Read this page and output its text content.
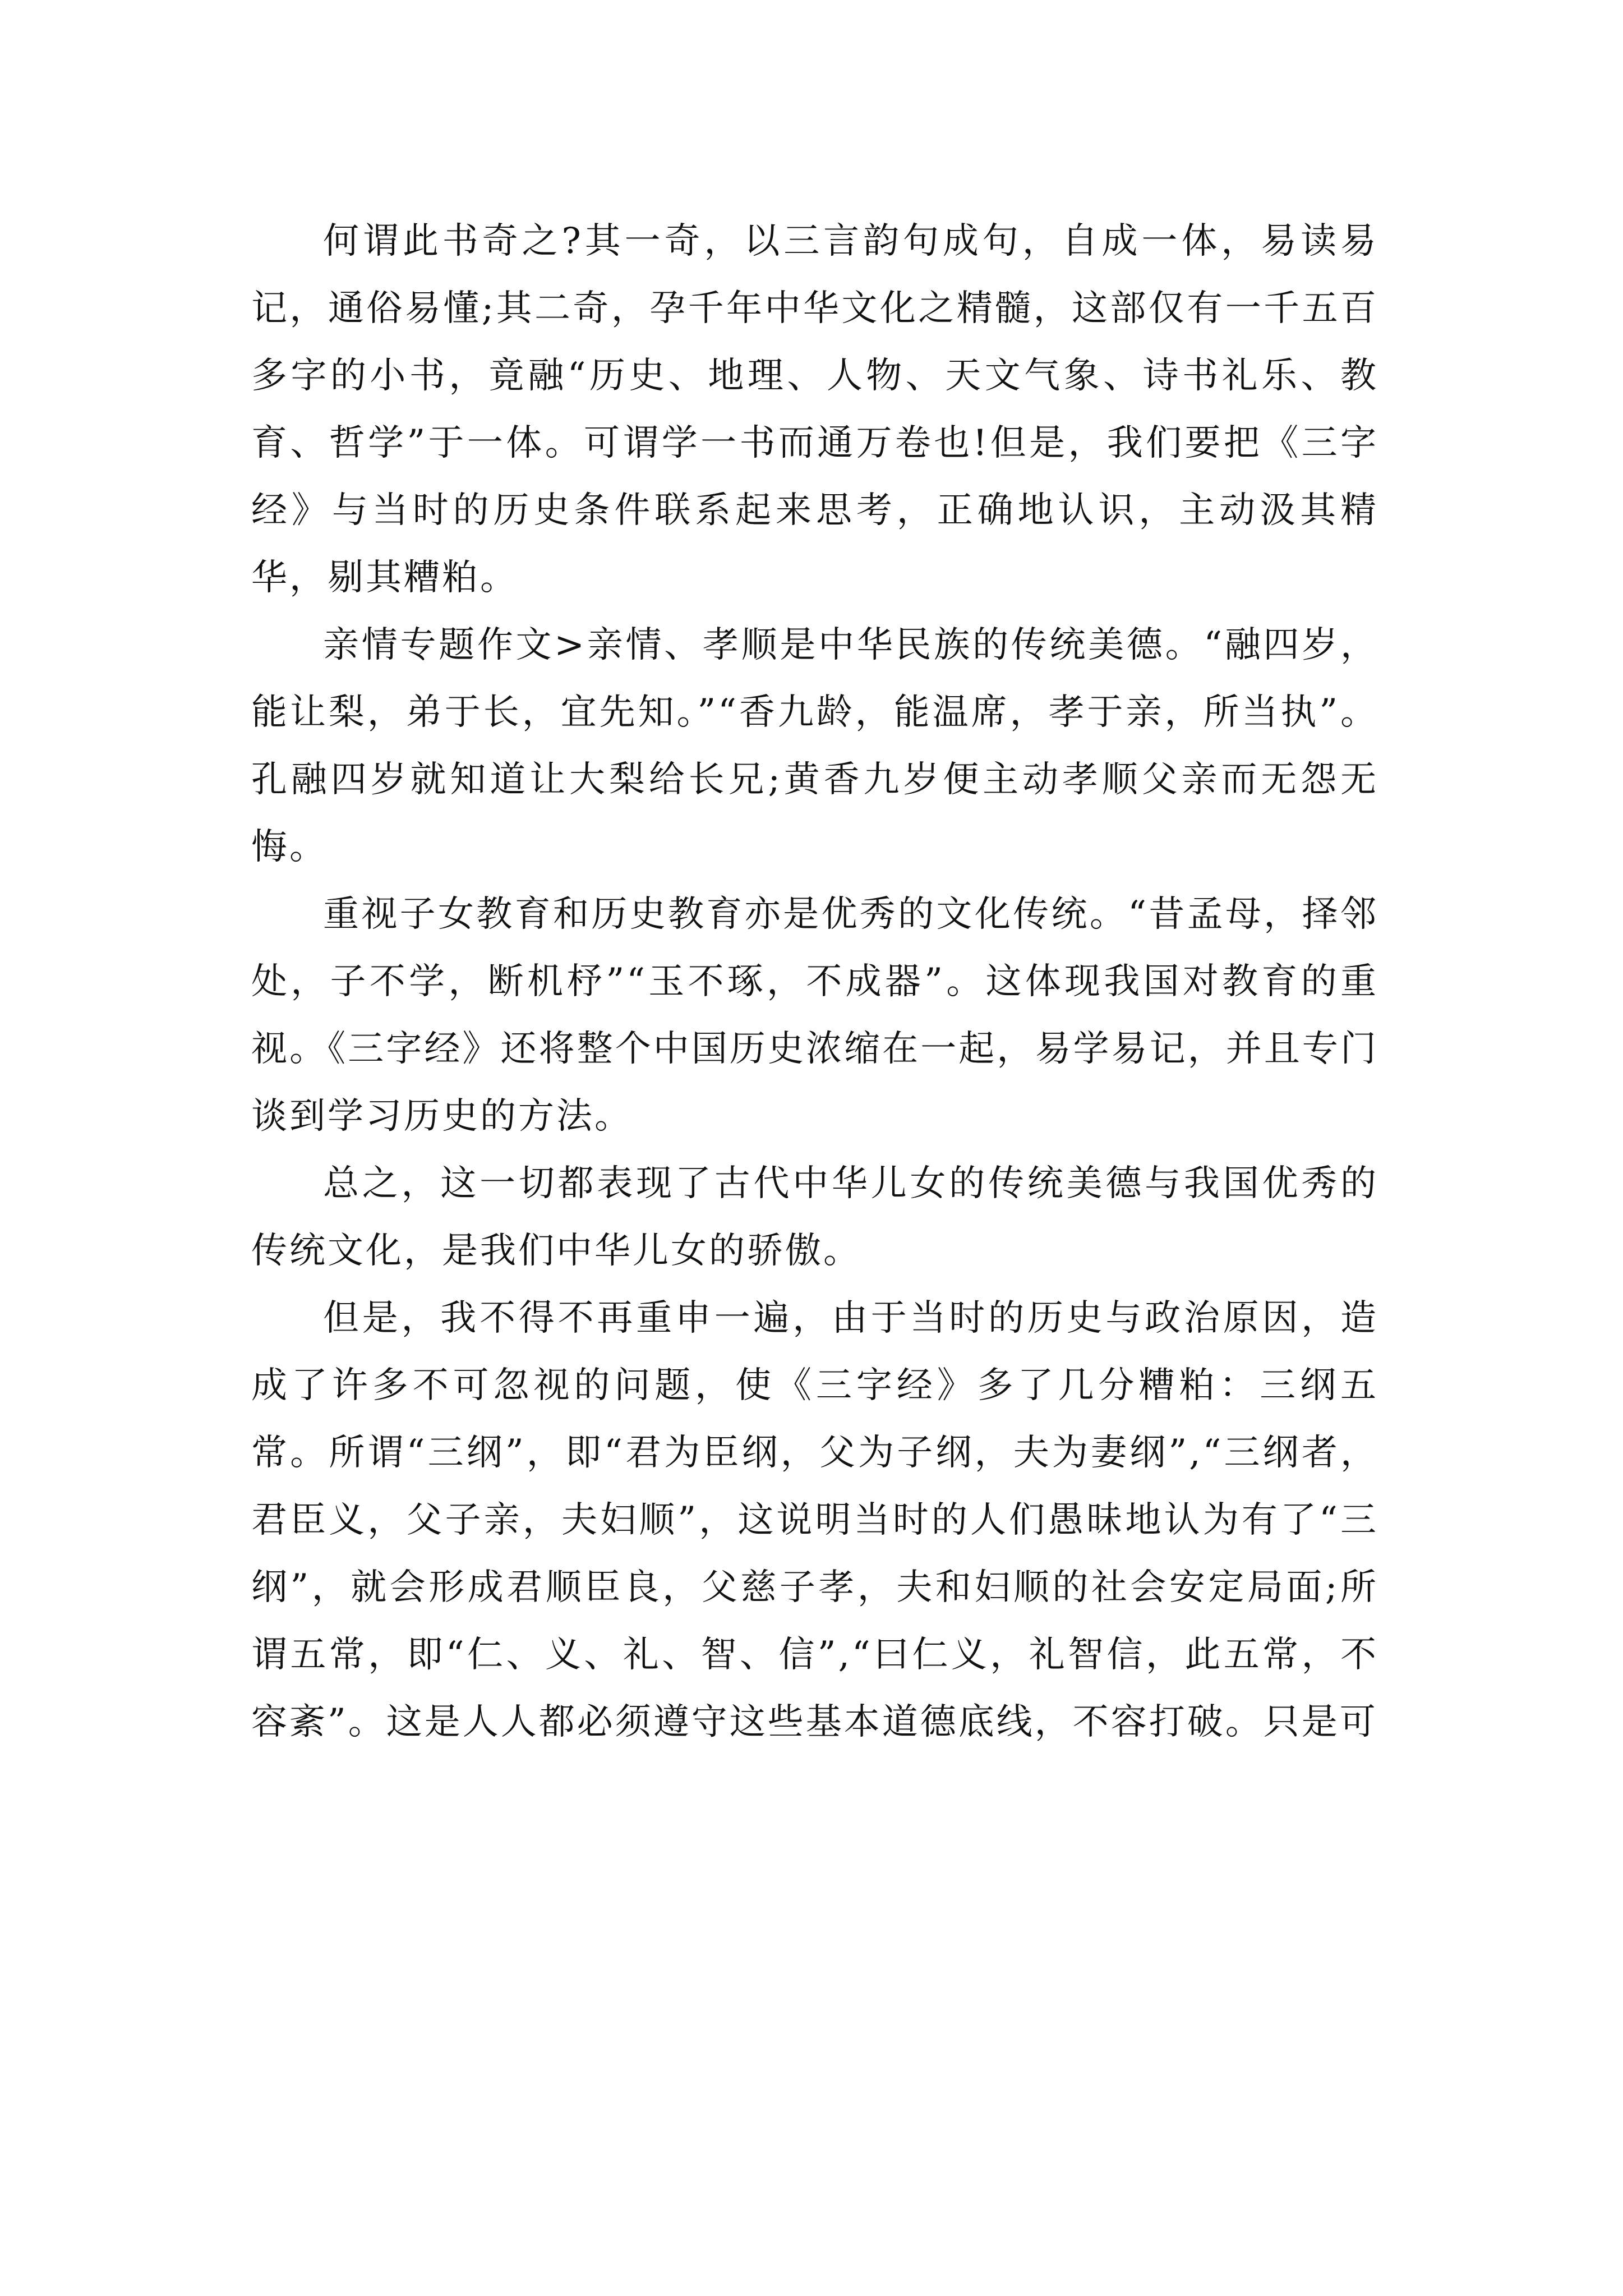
何谓此书奇之?其一奇，以三言韵句成句，自成一体，易读易记，通俗易懂;其二奇，孕千年中华文化之精髓，这部仅有一千五百多字的小书，竟融“历史、地理、人物、天文气象、诗书礼乐、教育、哲学”于一体。可谓学一书而通万卷也!但是，我们要把《三字经》与当时的历史条件联系起来思考，正确地认识，主动汲其精华，剔其糟粕。

亲情专题作文>亲情、孝顺是中华民族的传统美德。“融四岁，能让梨，弟于长，宜先知。”“香九龄，能温席，孝于亲，所当执”。孔融四岁就知道让大梨给长兄;黄香九岁便主动孝顺父亲而无怨无悔。

重视子女教育和历史教育亦是优秀的文化传统。“昔孟母，择邻处，子不学，断机杼”“玉不琢，不成器”。这体现我国对教育的重视。《三字经》还将整个中国历史浓缩在一起，易学易记，并且专门谈到学习历史的方法。

总之，这一切都表现了古代中华儿女的传统美德与我国优秀的传统文化，是我们中华儿女的骄傲。

但是，我不得不再重申一遍，由于当时的历史与政治原因，造成了许多不可忽视的问题，使《三字经》多了几分糟粕：三纲五常。所谓“三纲”，即“君为臣纲，父为子纲，夫为妻纲”,“三纲者，君臣义，父子亲，夫妇顺”，这说明当时的人们愚昧地认为有了“三纲”，就会形成君顺臣良，父慈子孝，夫和妇顺的社会安定局面;所谓五常，即“仁、义、礼、智、信”,“曰仁义，礼智信，此五常，不容紊”。这是人人都必须遵守这些基本道德底线，不容打破。只是可
